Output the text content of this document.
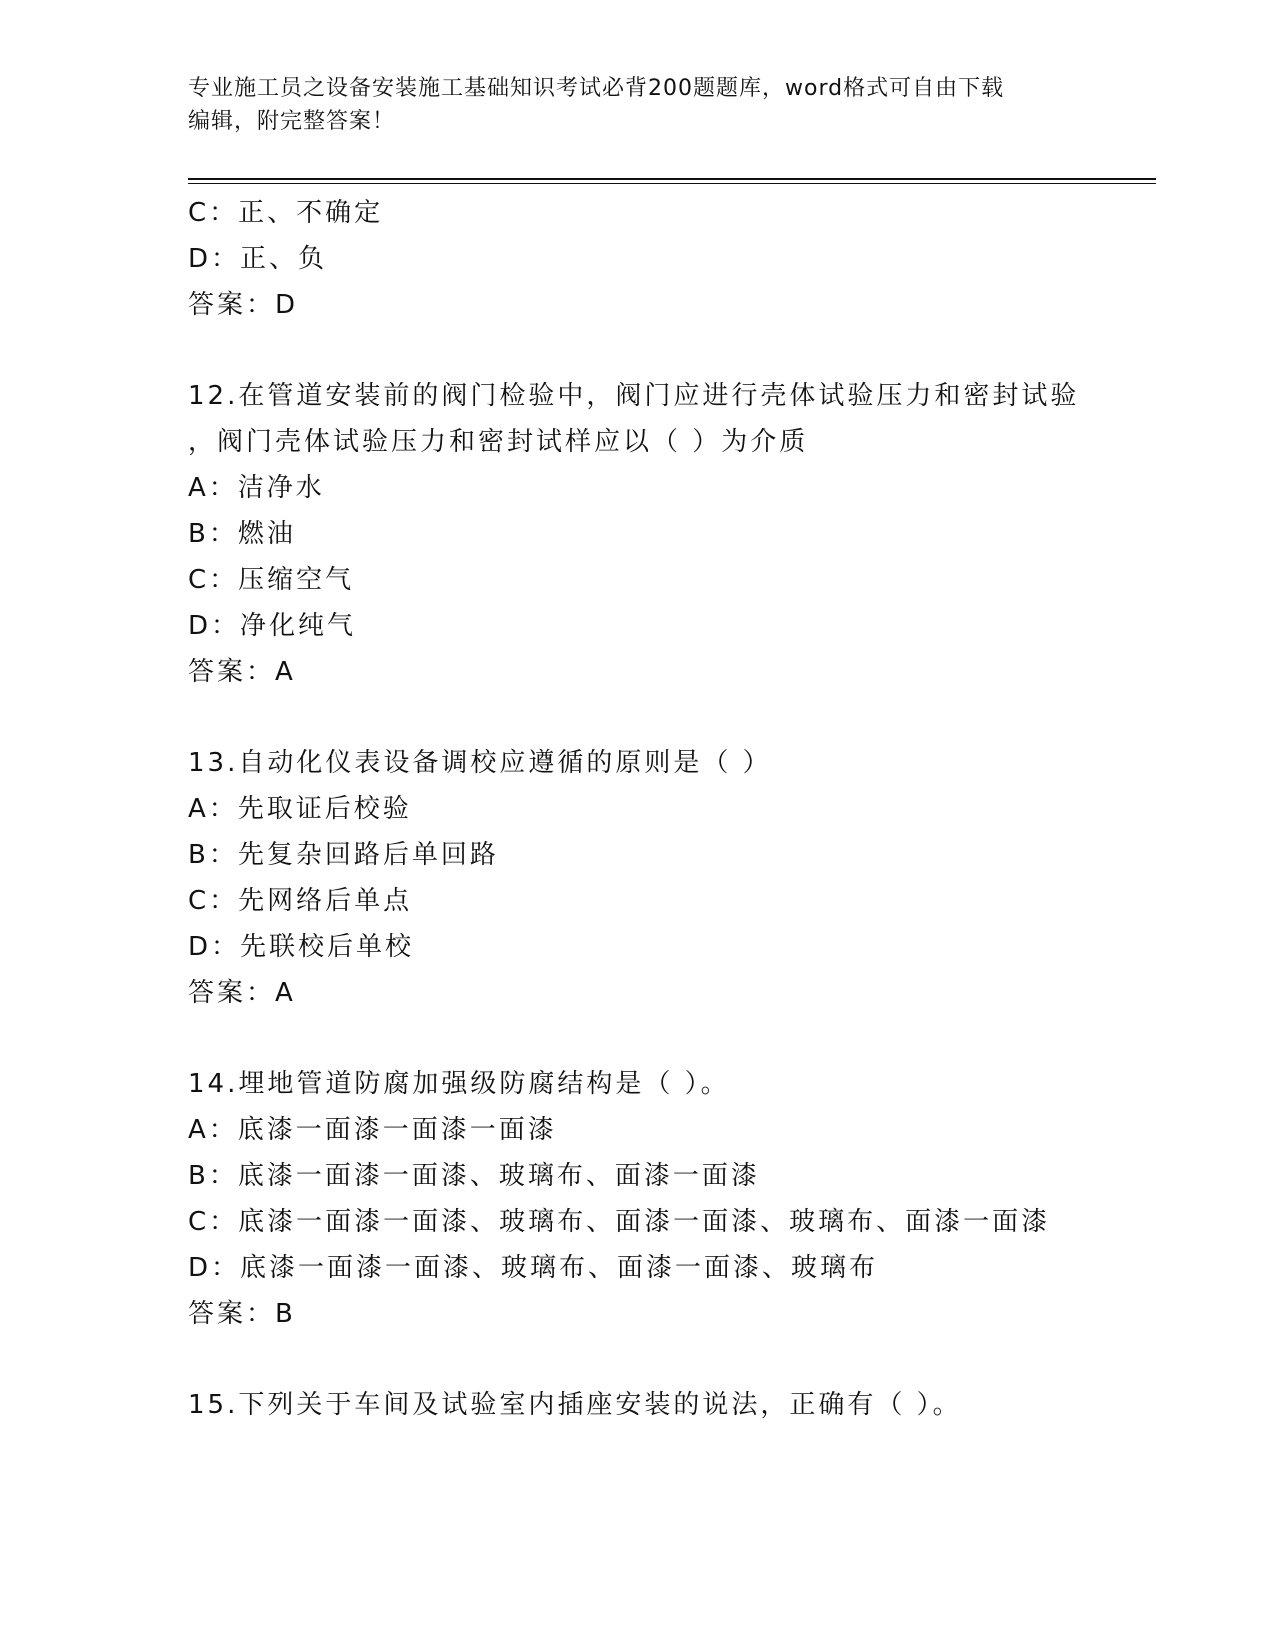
专业施工员之设备安装施工基础知识考试必背200题题库，word格式可自由下载
编辑，附完整答案！
C：正、不确定
D：正、负
答案：D
12.在管道安装前的阀门检验中，阀门应进行壳体试验压力和密封试验
，阀门壳体试验压力和密封试样应以（ ）为介质
A：洁净水
B：燃油
C：压缩空气
D：净化纯气
答案：A
13.自动化仪表设备调校应遵循的原则是（ ）
A：先取证后校验
B：先复杂回路后单回路
C：先网络后单点
D：先联校后单校
答案：A
14.埋地管道防腐加强级防腐结构是（ ）。
A：底漆一面漆一面漆一面漆
B：底漆一面漆一面漆、玻璃布、面漆一面漆
C：底漆一面漆一面漆、玻璃布、面漆一面漆、玻璃布、面漆一面漆
D：底漆一面漆一面漆、玻璃布、面漆一面漆、玻璃布
答案：B
15.下列关于车间及试验室内插座安装的说法，正确有（ ）。
